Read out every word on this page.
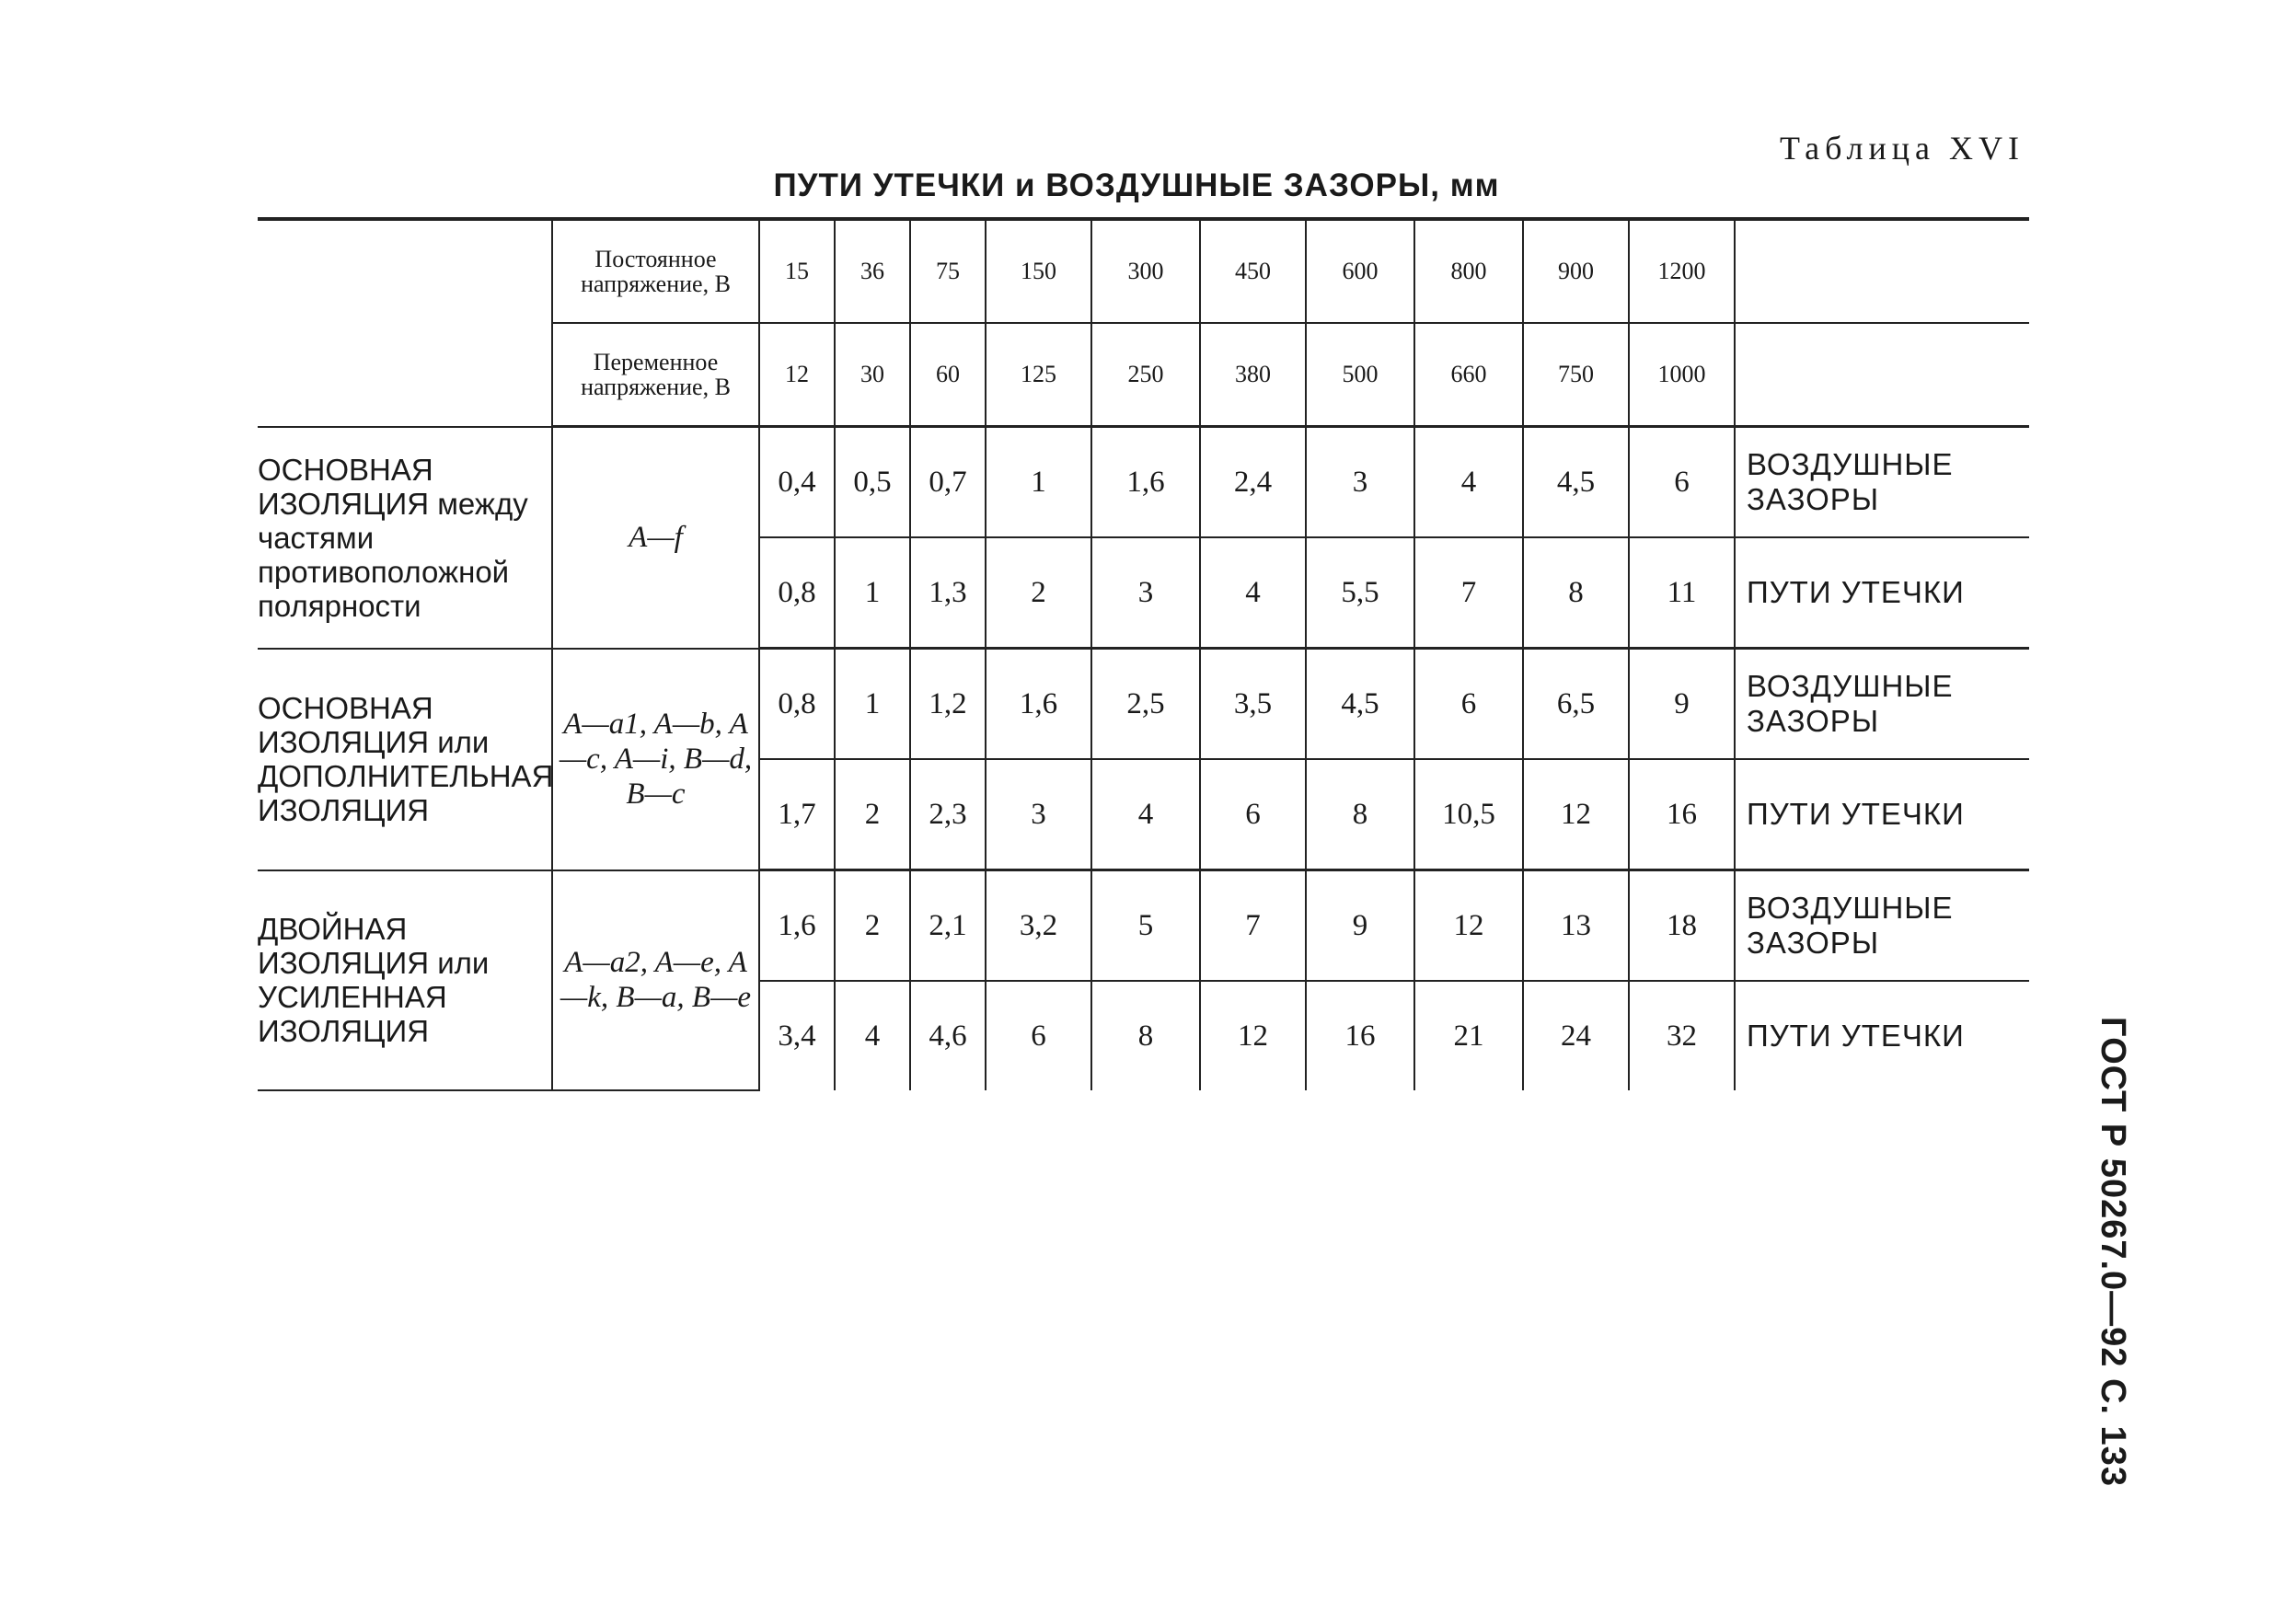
Таблица XVI
ПУТИ УТЕЧКИ и ВОЗДУШНЫЕ ЗАЗОРЫ, мм
ГОСТ Р 50267.0—92 С. 133
	Постоянное напряжение, В	15	36	75	150	300	450	600	800	900	1200	
	Переменное напряжение, В	12	30	60	125	250	380	500	660	750	1000	
ОСНОВНАЯ ИЗОЛЯЦИЯ между частями противоположной полярности	A—f	0,4	0,5	0,7	1	1,6	2,4	3	4	4,5	6	ВОЗДУШНЫЕ ЗАЗОРЫ
		0,8	1	1,3	2	3	4	5,5	7	8	11	ПУТИ УТЕЧКИ
ОСНОВНАЯ ИЗОЛЯЦИЯ или ДОПОЛНИТЕЛЬНАЯ ИЗОЛЯЦИЯ	A—a1, A—b, A—c, A—i, B—d, B—c	0,8	1	1,2	1,6	2,5	3,5	4,5	6	6,5	9	ВОЗДУШНЫЕ ЗАЗОРЫ
		1,7	2	2,3	3	4	6	8	10,5	12	16	ПУТИ УТЕЧКИ
ДВОЙНАЯ ИЗОЛЯЦИЯ или УСИЛЕННАЯ ИЗОЛЯЦИЯ	A—a2, A—e, A—k, B—a, B—e	1,6	2	2,1	3,2	5	7	9	12	13	18	ВОЗДУШНЫЕ ЗАЗОРЫ
		3,4	4	4,6	6	8	12	16	21	24	32	ПУТИ УТЕЧКИ
